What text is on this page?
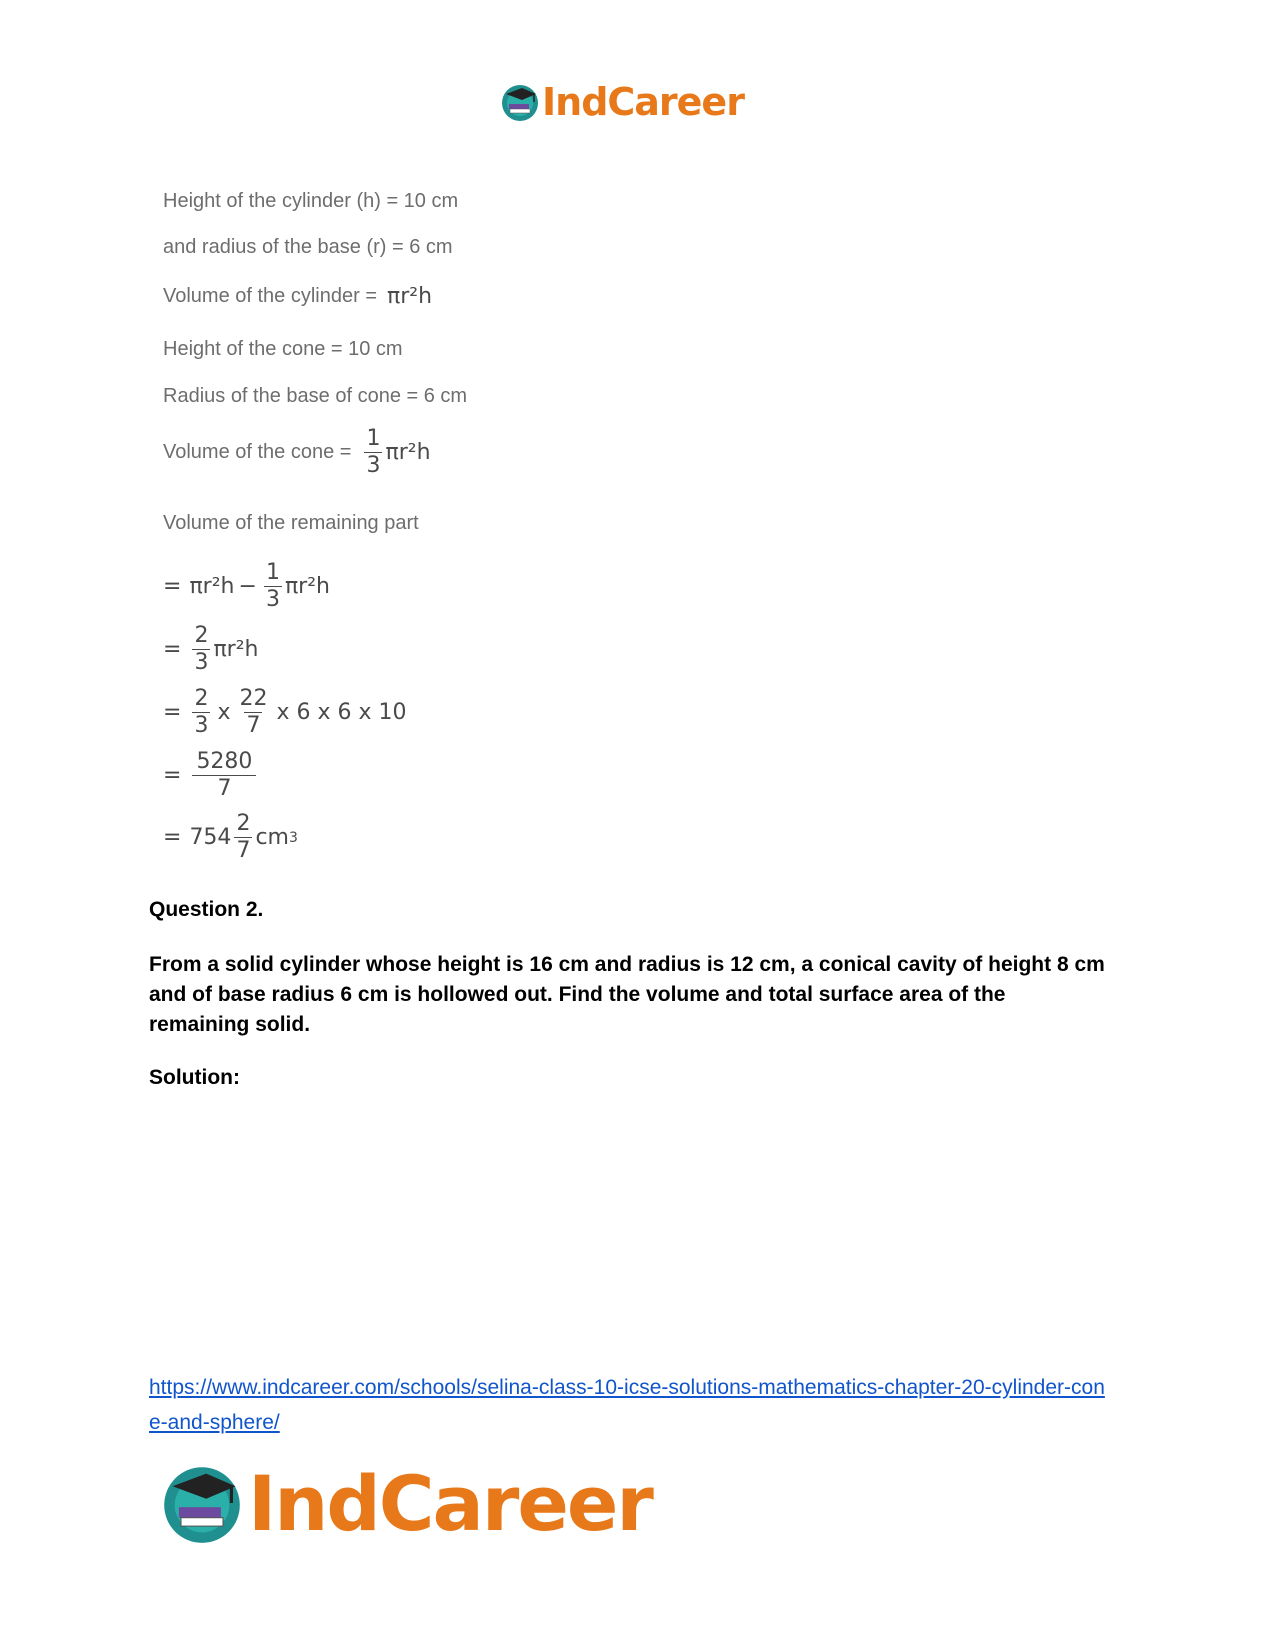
IndCareer
Height of the cylinder (h) = 10 cm
and radius of the base (r) = 6 cm
Volume of the cylinder = πr²h
Height of the cone = 10 cm
Radius of the base of cone = 6 cm
Volume of the cone = $\frac{1}{3} \pi r^2h$
Volume of the remaining part
= $\pi r^2h - \frac{1}{3} \pi r^2h$
= $\frac{2}{3} \pi r^2h$
= $\frac{2}{3}$ x $\frac{22}{7}$ x 6 x 6 x 10
= $\frac{5280}{7}$
= $754 \frac{2}{7}$ cm 3
Question 2.
From a solid cylinder whose height is 16 cm and radius is 12 cm, a conical cavity of height 8 cm and of base radius 6 cm is hollowed out. Find the volume and total surface area of the remaining solid.
Solution:
https://www.indcareer.com/schools/selina-class-10-icse-solutions-mathematics-chapter-20-cylinder-cone-and-sphere/
IndCareer
